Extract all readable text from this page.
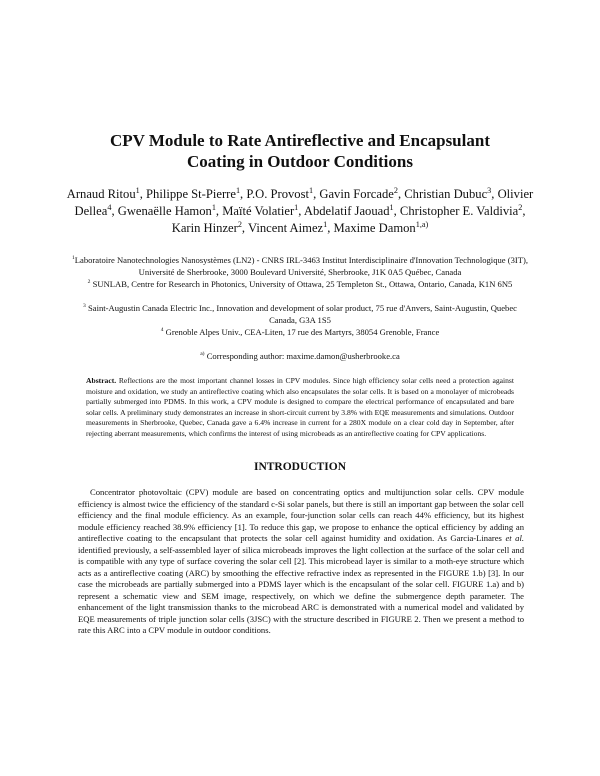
CPV Module to Rate Antireflective and Encapsulant
Coating in Outdoor Conditions
Arnaud Ritou$^1$, Philippe St-Pierre$^1$, P.O. Provost$^1$, Gavin Forcade$^2$, Christian Dubuc$^3$, Olivier Dellea$^4$, Gwenaëlle Hamon$^1$, Maïté Volatier$^1$, Abdelatif Jaouad$^1$, Christopher E. Valdivia$^2$, Karin Hinzer$^2$, Vincent Aimez$^1$, Maxime Damon$^{1,a)}$
$^1$Laboratoire Nanotechnologies Nanosystèmes (LN2) - CNRS IRL-3463 Institut Interdisciplinaire d'Innovation Technologique (3IT), Université de Sherbrooke, 3000 Boulevard Université, Sherbrooke, J1K 0A5 Québec, Canada
$^2$ SUNLAB, Centre for Research in Photonics, University of Ottawa, 25 Templeton St., Ottawa, Ontario, Canada, K1N 6N5
$^3$ Saint-Augustin Canada Electric Inc., Innovation and development of solar product, 75 rue d'Anvers, Saint-Augustin, Quebec Canada, G3A 1S5
$^4$ Grenoble Alpes Univ., CEA-Liten, 17 rue des Martyrs, 38054 Grenoble, France
$^{a)}$ Corresponding author: maxime.damon@usherbrooke.ca
Abstract. Reflections are the most important channel losses in CPV modules. Since high efficiency solar cells need a protection against moisture and oxidation, we study an antireflective coating which also encapsulates the solar cells. It is based on a monolayer of microbeads partially submerged into PDMS. In this work, a CPV module is designed to compare the electrical performance of encapsulated and bare solar cells. A preliminary study demonstrates an increase in short-circuit current by 3.8% with EQE measurements and simulations. Outdoor measurements in Sherbrooke, Quebec, Canada gave a 6.4% increase in current for a 280X module on a clear cold day in September, after rejecting aberrant measurements, which confirms the interest of using microbeads as an antireflective coating for CPV applications.
INTRODUCTION
Concentrator photovoltaic (CPV) module are based on concentrating optics and multijunction solar cells. CPV module efficiency is almost twice the efficiency of the standard c-Si solar panels, but there is still an important gap between the solar cell efficiency and the final module efficiency. As an example, four-junction solar cells can reach 44% efficiency, but its highest module efficiency reached 38.9% efficiency [1]. To reduce this gap, we propose to enhance the optical efficiency by adding an antireflective coating to the encapsulant that protects the solar cell against humidity and oxidation. As Garcia-Linares et al. identified previously, a self-assembled layer of silica microbeads improves the light collection at the surface of the solar cell and is compatible with any type of surface covering the solar cell [2]. This microbead layer is similar to a moth-eye structure which acts as a antireflective coating (ARC) by smoothing the effective refractive index as represented in the FIGURE 1.b) [3]. In our case the microbeads are partially submerged into a PDMS layer which is the encapsulant of the solar cell. FIGURE 1.a) and b) represent a schematic view and SEM image, respectively, on which we define the submergence depth parameter. The enhancement of the light transmission thanks to the microbead ARC is demonstrated with a numerical model and validated by EQE measurements of triple junction solar cells (3JSC) with the structure described in FIGURE 2. Then we present a method to rate this ARC into a CPV module in outdoor conditions.
